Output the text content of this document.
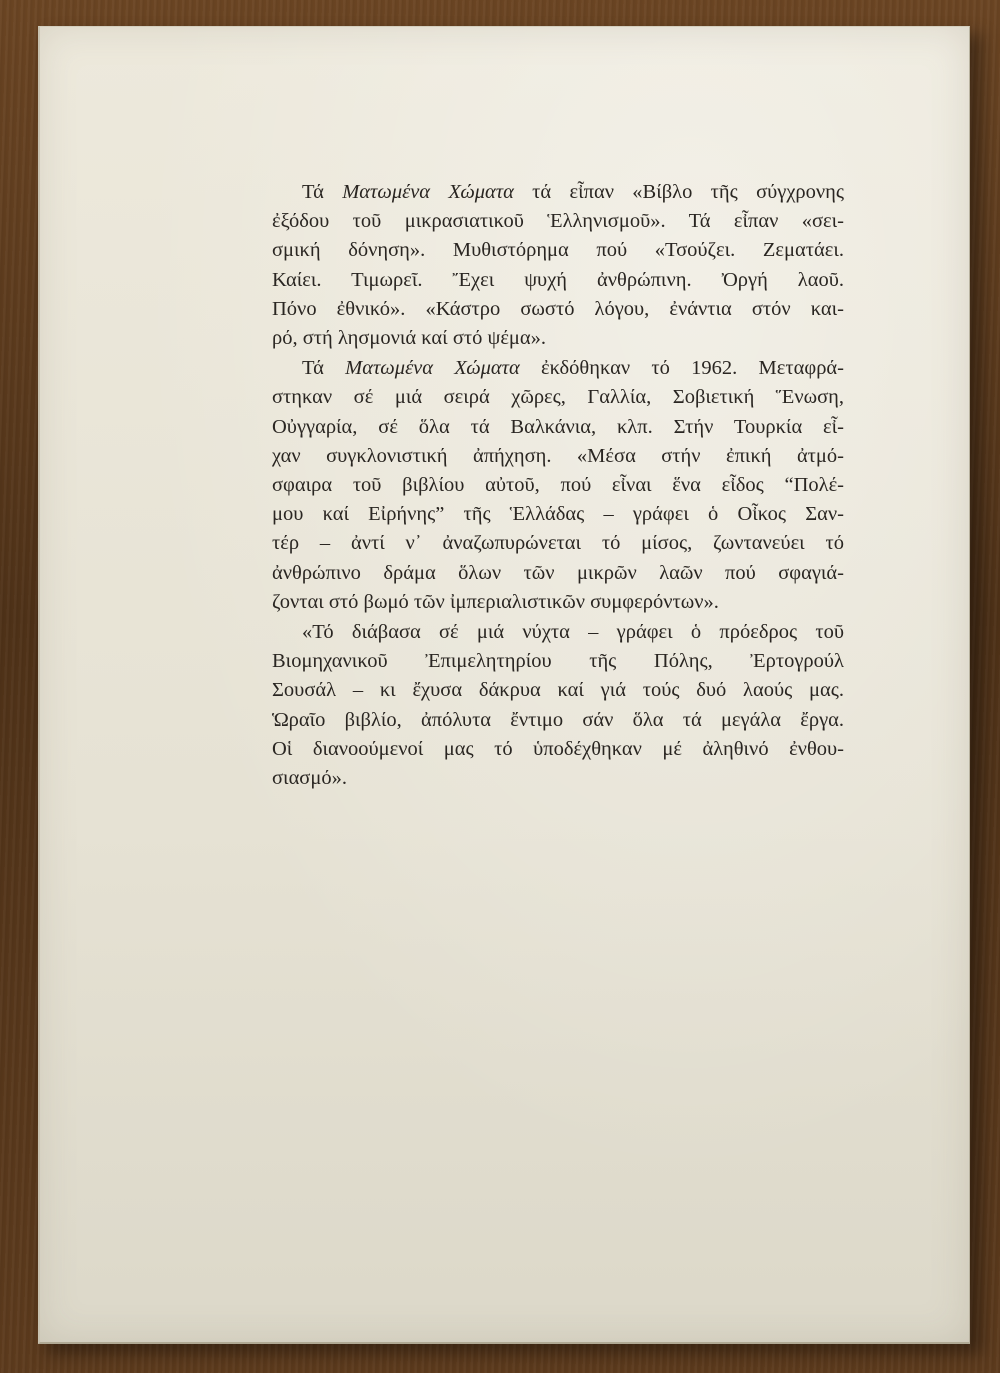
Τά Ματωμένα Χώματα τά εἶπαν «Βίβλο τῆς σύγχρονης
ἐξόδου τοῦ μικρασιατικοῦ Ἑλληνισμοῦ». Τά εἶπαν «σει-
σμική δόνηση». Μυθιστόρημα πού «Τσούζει. Ζεματάει.
Καίει. Τιμωρεῖ. Ἔχει ψυχή ἀνθρώπινη. Ὀργή λαοῦ.
Πόνο ἐθνικό». «Κάστρο σωστό λόγου, ἐνάντια στόν και-
ρό, στή λησμονιά καί στό ψέμα».

Τά Ματωμένα Χώματα ἐκδόθηκαν τό 1962. Μεταφρά-
στηκαν σέ μιά σειρά χῶρες, Γαλλία, Σοβιετική Ἕνωση,
Οὐγγαρία, σέ ὅλα τά Βαλκάνια, κλπ. Στήν Τουρκία εἶ-
χαν συγκλονιστική ἀπήχηση. «Μέσα στήν ἐπική ἀτμό-
σφαιρα τοῦ βιβλίου αὐτοῦ, πού εἶναι ἕνα εἶδος “Πολέ-
μου καί Εἰρήνης” τῆς Ἑλλάδας – γράφει ὁ Οἶκος Σαν-
τέρ – ἀντί ν᾿ ἀναζωπυρώνεται τό μίσος, ζωντανεύει τό
ἀνθρώπινο δράμα ὅλων τῶν μικρῶν λαῶν πού σφαγιά-
ζονται στό βωμό τῶν ἰμπεριαλιστικῶν συμφερόντων».

«Τό διάβασα σέ μιά νύχτα – γράφει ὁ πρόεδρος τοῦ
Βιομηχανικοῦ Ἐπιμελητηρίου τῆς Πόλης, Ἐρτογρούλ
Σουσάλ – κι ἔχυσα δάκρυα καί γιά τούς δυό λαούς μας.
Ὡραῖο βιβλίο, ἀπόλυτα ἔντιμο σάν ὅλα τά μεγάλα ἔργα.
Οἱ διανοούμενοί μας τό ὑποδέχθηκαν μέ ἀληθινό ἐνθου-
σιασμό».
